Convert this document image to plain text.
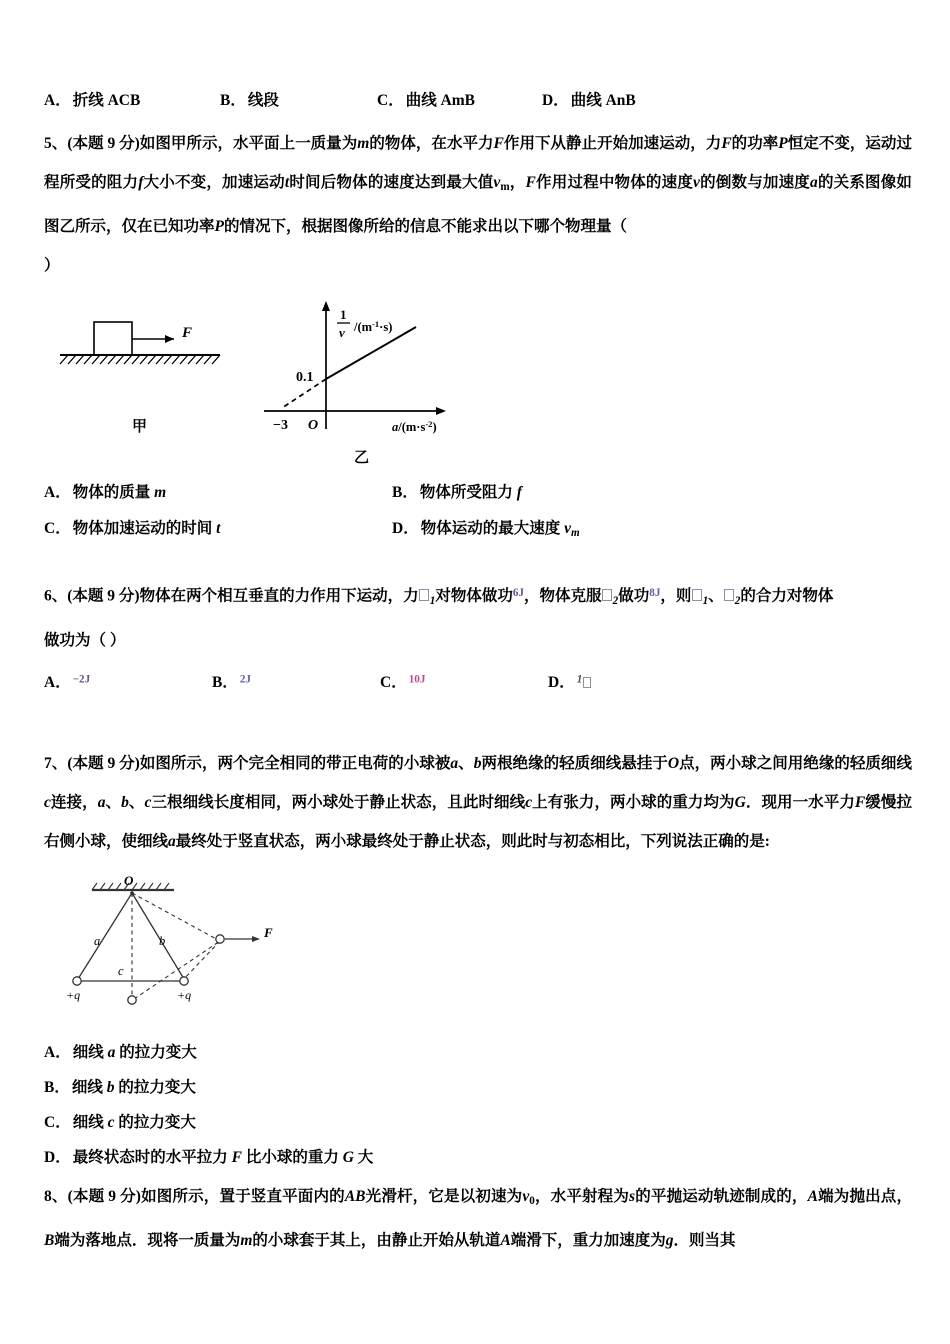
A． 折线 ACB	B． 线段	C． 曲线 AmB	D． 曲线 AnB
5、(本题 9 分)如图甲所示，水平面上一质量为m的物体，在水平力F作用下从静止开始加速运动，力F的功率P恒定不变，运动过程所受的阻力f大小不变，加速运动t时间后物体的速度达到最大值$v_m$，F作用过程中物体的速度v的倒数与加速度a的关系图像如图乙所示，仅在已知功率P的情况下，根据图像所给的信息不能求出以下哪个物理量（
）
F
甲
1
v $/(m^{-1}\cdot s)$
$a/(m\cdot s^{-2})$
0.1
−3 O
乙
A． 物体的质量 m	B． 物体所受阻力 f
C． 物体加速运动的时间 t	D． 物体运动的最大速度 $v_m$
6、(本题 9 分)物体在两个相互垂直的力作用下运动，力 $_1$对物体做功$^{6J}$，物体克服 $_2$做功$^{8J}$，则 $_1$、 $_2$的合力对物体
做功为（ ）
A． $^{-2J}$	B． $^{2J}$	C． $^{10J}$	D． $^1$
7、(本题 9 分)如图所示，两个完全相同的带正电荷的小球被a、b两根绝缘的轻质细线悬挂于O点，两小球之间用绝缘的轻质细线c连接，a、b、c三根细线长度相同，两小球处于静止状态，且此时细线c上有张力，两小球的重力均为G．现用一水平力F缓慢拉右侧小球，使细线a最终处于竖直状态，两小球最终处于静止状态，则此时与初态相比，下列说法正确的是:
O
F
a	b
c
+q	+q
A． 细线 a 的拉力变大
B． 细线 b 的拉力变大
C． 细线 c 的拉力变大
D． 最终状态时的水平拉力 F 比小球的重力 G 大
8、(本题 9 分)如图所示，置于竖直平面内的AB光滑杆，它是以初速为$v_0$，水平射程为s的平抛运动轨迹制成的，A端为抛出点，B端为落地点．现将一质量为m的小球套于其上，由静止开始从轨道A端滑下，重力加速度为g．则当其
